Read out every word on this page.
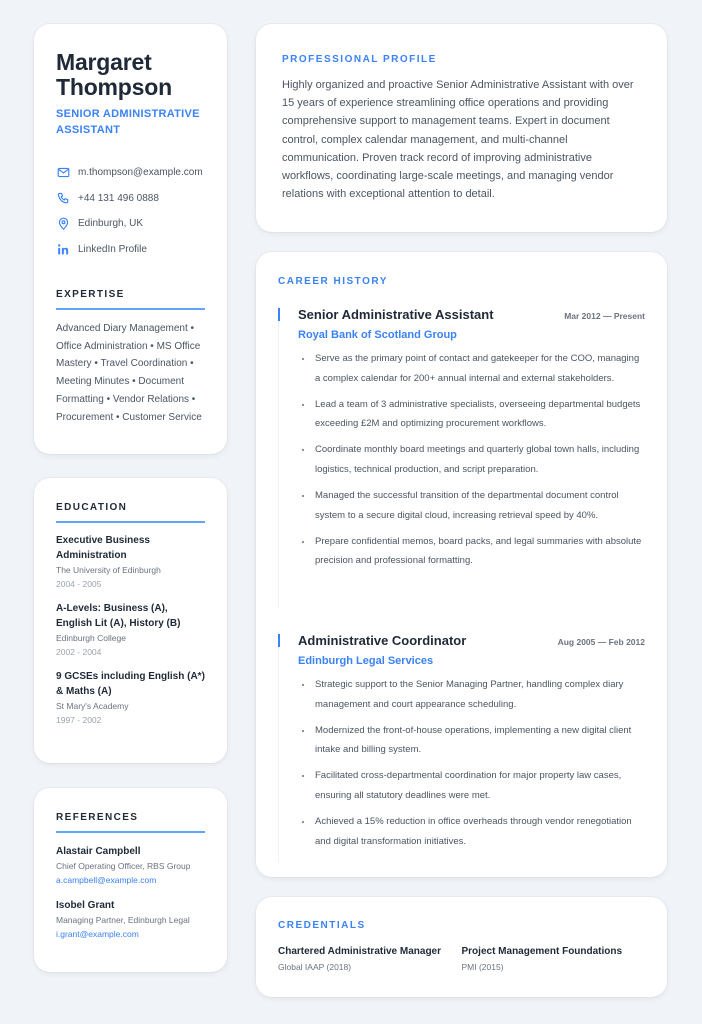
Margaret
Thompson
SENIOR ADMINISTRATIVE ASSISTANT
m.thompson@example.com
+44 131 496 0888
Edinburgh, UK
LinkedIn Profile
EXPERTISE
Advanced Diary Management • Office Administration • MS Office Mastery • Travel Coordination • Meeting Minutes • Document Formatting • Vendor Relations • Procurement • Customer Service
EDUCATION
Executive Business Administration
The University of Edinburgh
2004 - 2005
A-Levels: Business (A), English Lit (A), History (B)
Edinburgh College
2002 - 2004
9 GCSEs including English (A*) & Maths (A)
St Mary's Academy
1997 - 2002
REFERENCES
Alastair Campbell
Chief Operating Officer, RBS Group
a.campbell@example.com
Isobel Grant
Managing Partner, Edinburgh Legal
i.grant@example.com
PROFESSIONAL PROFILE
Highly organized and proactive Senior Administrative Assistant with over 15 years of experience streamlining office operations and providing comprehensive support to management teams. Expert in document control, complex calendar management, and multi-channel communication. Proven track record of improving administrative workflows, coordinating large-scale meetings, and managing vendor relations with exceptional attention to detail.
CAREER HISTORY
Senior Administrative Assistant	Mar 2012 — Present
Royal Bank of Scotland Group
Serve as the primary point of contact and gatekeeper for the COO, managing a complex calendar for 200+ annual internal and external stakeholders.
Lead a team of 3 administrative specialists, overseeing departmental budgets exceeding £2M and optimizing procurement workflows.
Coordinate monthly board meetings and quarterly global town halls, including logistics, technical production, and script preparation.
Managed the successful transition of the departmental document control system to a secure digital cloud, increasing retrieval speed by 40%.
Prepare confidential memos, board packs, and legal summaries with absolute precision and professional formatting.
Administrative Coordinator	Aug 2005 — Feb 2012
Edinburgh Legal Services
Strategic support to the Senior Managing Partner, handling complex diary management and court appearance scheduling.
Modernized the front-of-house operations, implementing a new digital client intake and billing system.
Facilitated cross-departmental coordination for major property law cases, ensuring all statutory deadlines were met.
Achieved a 15% reduction in office overheads through vendor renegotiation and digital transformation initiatives.
CREDENTIALS
Chartered Administrative Manager
Global IAAP (2018)
Project Management Foundations
PMI (2015)
